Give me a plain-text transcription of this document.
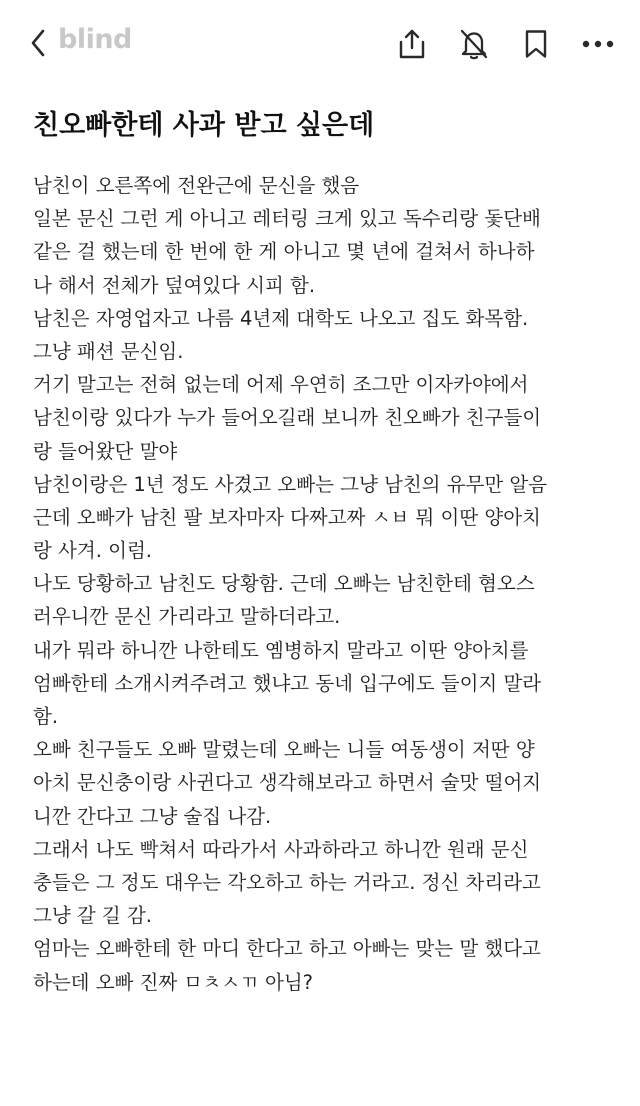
blind
친오빠한테 사과 받고 싶은데
남친이 오른쪽에 전완근에 문신을 했음
일본 문신 그런 게 아니고 레터링 크게 있고 독수리랑 돛단배
같은 걸 했는데 한 번에 한 게 아니고 몇 년에 걸쳐서 하나하
나 해서 전체가 덮여있다 시피 함.
남친은 자영업자고 나름 4년제 대학도 나오고 집도 화목함.
그냥 패션 문신임.
거기 말고는 전혀 없는데 어제 우연히 조그만 이자카야에서
남친이랑 있다가 누가 들어오길래 보니까 친오빠가 친구들이
랑 들어왔단 말야
남친이랑은 1년 정도 사겼고 오빠는 그냥 남친의 유무만 알음
근데 오빠가 남친 팔 보자마자 다짜고짜 ㅅㅂ 뭐 이딴 양아치
랑 사겨. 이럼.
나도 당황하고 남친도 당황함. 근데 오빠는 남친한테 혐오스
러우니깐 문신 가리라고 말하더라고.
내가 뭐라 하니깐 나한테도 옘병하지 말라고 이딴 양아치를
엄빠한테 소개시켜주려고 했냐고 동네 입구에도 들이지 말라
함.
오빠 친구들도 오빠 말렸는데 오빠는 니들 여동생이 저딴 양
아치 문신충이랑 사귄다고 생각해보라고 하면서 술맛 떨어지
니깐 간다고 그냥 술집 나감.
그래서 나도 빡쳐서 따라가서 사과하라고 하니깐 원래 문신
충들은 그 정도 대우는 각오하고 하는 거라고. 정신 차리라고
그냥 갈 길 감.
엄마는 오빠한테 한 마디 한다고 하고 아빠는 맞는 말 했다고
하는데 오빠 진짜 ㅁㅊㅅㄲ 아님?
